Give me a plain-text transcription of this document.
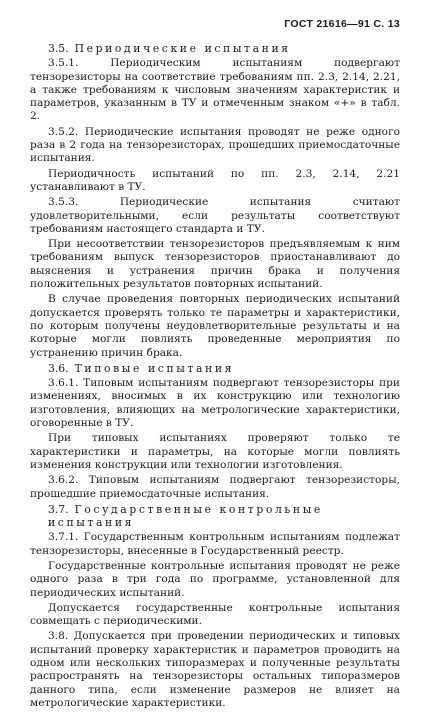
ГОСТ 21616—91 С. 13
3.5. Периодические испытания

3.5.1. Периодическим испытаниям подвергают тензорезисторы на соответствие требованиям пп. 2.3, 2.14, 2.21, а также требованиям к числовым значениям характеристик и параметров, указанным в ТУ и отмеченным знаком «+» в табл. 2.

3.5.2. Периодические испытания проводят не реже одного раза в 2 года на тензорезисторах, прошедших приемосдаточные испытания.

Периодичность испытаний по пп. 2.3, 2.14, 2.21 устанавливают в ТУ.

3.5.3. Периодические испытания считают удовлетворительными, если результаты соответствуют требованиям настоящего стандарта и ТУ.

При несоответствии тензорезисторов предъявляемым к ним требованиям выпуск тензорезисторов приостанавливают до выяснения и устранения причин брака и получения положительных результатов повторных испытаний.

В случае проведения повторных периодических испытаний допускается проверять только те параметры и характеристики, по которым получены неудовлетворительные результаты и на которые могли повлиять проведенные мероприятия по устранению причин брака.

3.6. Типовые испытания

3.6.1. Типовым испытаниям подвергают тензорезисторы при изменениях, вносимых в их конструкцию или технологию изготовления, влияющих на метрологические характеристики, оговоренные в ТУ.

При типовых испытаниях проверяют только те характеристики и параметры, на которые могли повлиять изменения конструкции или технологии изготовления.

3.6.2. Типовым испытаниям подвергают тензорезисторы, прошедшие приемосдаточные испытания.

3.7. Государственные контрольные испытания

3.7.1. Государственным контрольным испытаниям подлежат тензорезисторы, внесенные в Государственный реестр.

Государственные контрольные испытания проводят не реже одного раза в три года по программе, установленной для периодических испытаний.

Допускается государственные контрольные испытания совмещать с периодическими.

3.8. Допускается при проведении периодических и типовых испытаний проверку характеристик и параметров проводить на одном или нескольких типоразмерах и полученные результаты распространять на тензорезисторы остальных типоразмеров данного типа, если изменение размеров не влияет на метрологические характеристики.
